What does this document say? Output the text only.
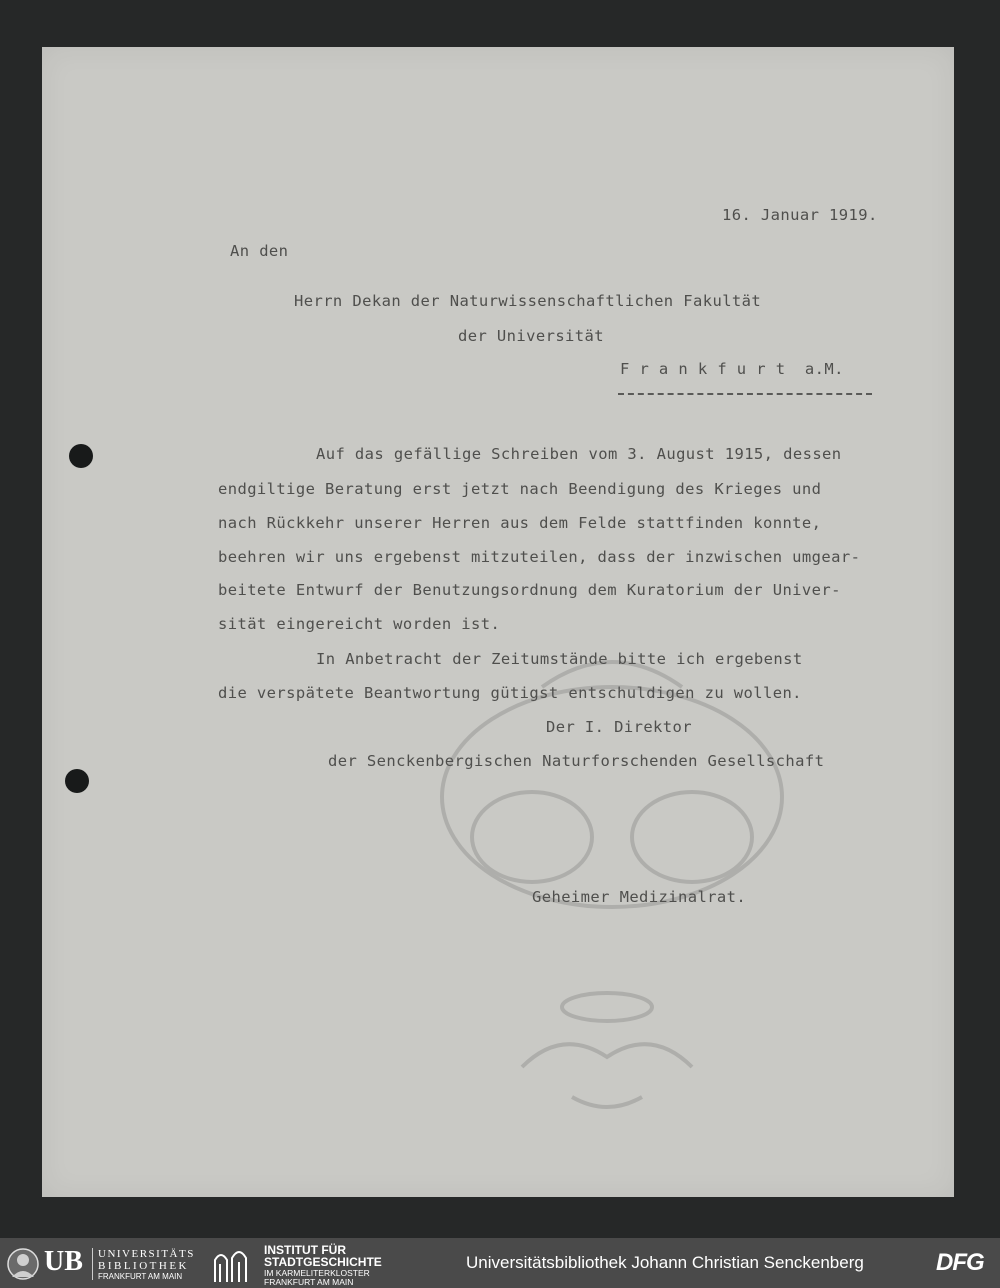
16. Januar 1919.
An den
Herrn Dekan der Naturwissenschaftlichen Fakultät
der Universität
F r a n k f u r t  a.M.
Auf das gefällige Schreiben vom 3. August 1915, dessen
endgiltige Beratung erst jetzt nach Beendigung des Krieges und
nach Rückkehr unserer Herren aus dem Felde stattfinden konnte,
beehren wir uns ergebenst mitzuteilen, dass der inzwischen umgear-
beitete Entwurf der Benutzungsordnung dem Kuratorium der Univer-
sität eingereicht worden ist.
In Anbetracht der Zeitumstände bitte ich ergebenst
die verspätete Beantwortung gütigst entschuldigen zu wollen.
Der I. Direktor
der Senckenbergischen Naturforschenden Gesellschaft
Geheimer Medizinalrat.
UB UNIVERSITÄTS
BIBLIOTHEK
FRANKFURT AM MAIN
INSTITUT FÜR
STADTGESCHICHTE
IM KARMELITERKLOSTER
FRANKFURT AM MAIN
Universitätsbibliothek Johann Christian Senckenberg	DFG
